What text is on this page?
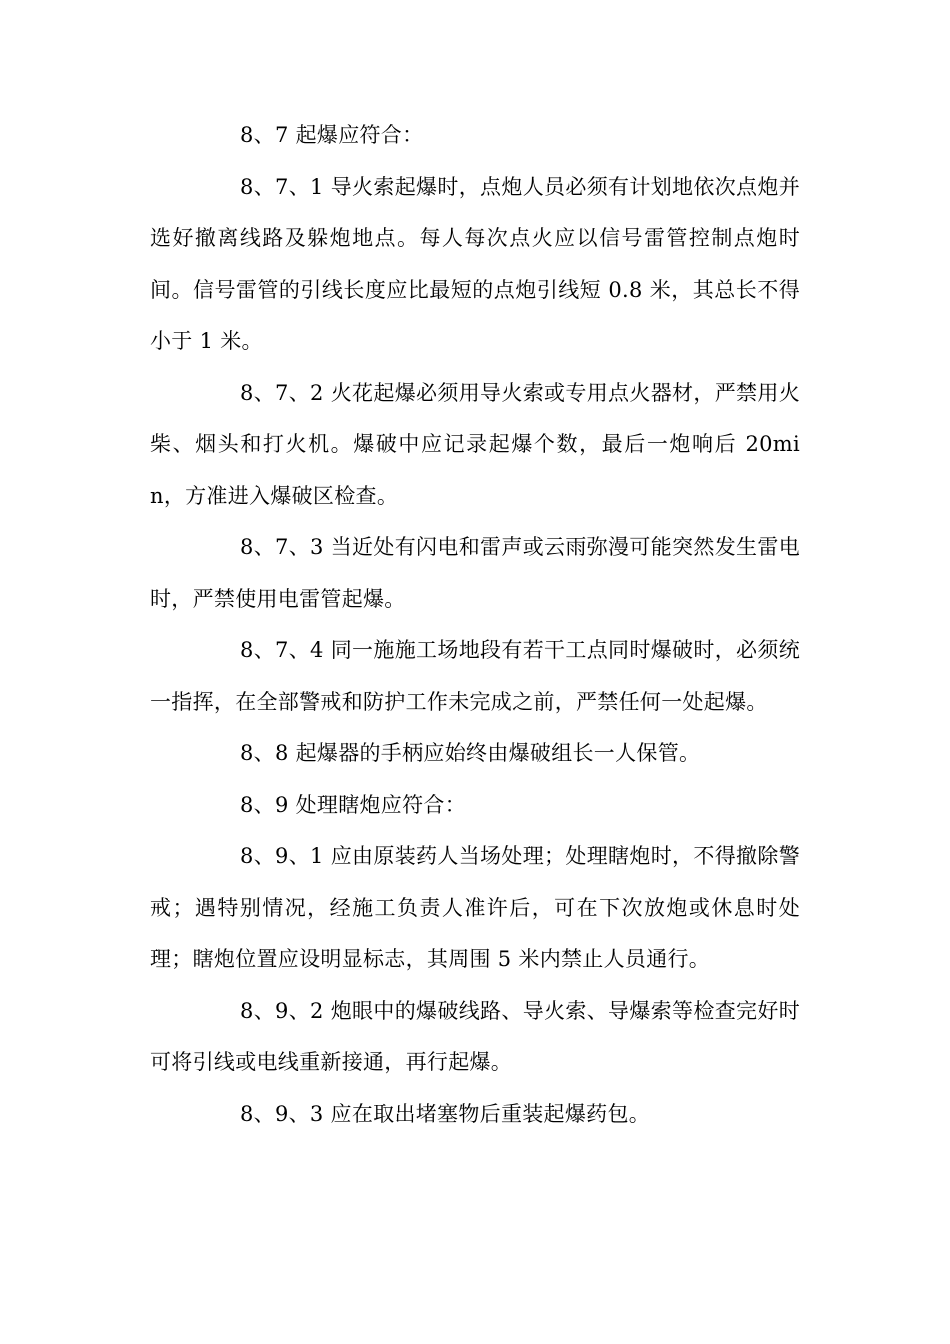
8、7 起爆应符合：

8、7、1 导火索起爆时，点炮人员必须有计划地依次点炮并选好撤离线路及躲炮地点。每人每次点火应以信号雷管控制点炮时间。信号雷管的引线长度应比最短的点炮引线短 0.8 米，其总长不得小于 1 米。

8、7、2 火花起爆必须用导火索或专用点火器材，严禁用火柴、烟头和打火机。爆破中应记录起爆个数，最后一炮响后 20min，方准进入爆破区检查。

8、7、3 当近处有闪电和雷声或云雨弥漫可能突然发生雷电时，严禁使用电雷管起爆。

8、7、4 同一施施工场地段有若干工点同时爆破时，必须统一指挥，在全部警戒和防护工作未完成之前，严禁任何一处起爆。

8、8 起爆器的手柄应始终由爆破组长一人保管。

8、9 处理瞎炮应符合：

8、9、1 应由原装药人当场处理；处理瞎炮时，不得撤除警戒；遇特别情况，经施工负责人准许后，可在下次放炮或休息时处理；瞎炮位置应设明显标志，其周围 5 米内禁止人员通行。

8、9、2 炮眼中的爆破线路、导火索、导爆索等检查完好时可将引线或电线重新接通，再行起爆。

8、9、3 应在取出堵塞物后重装起爆药包。
